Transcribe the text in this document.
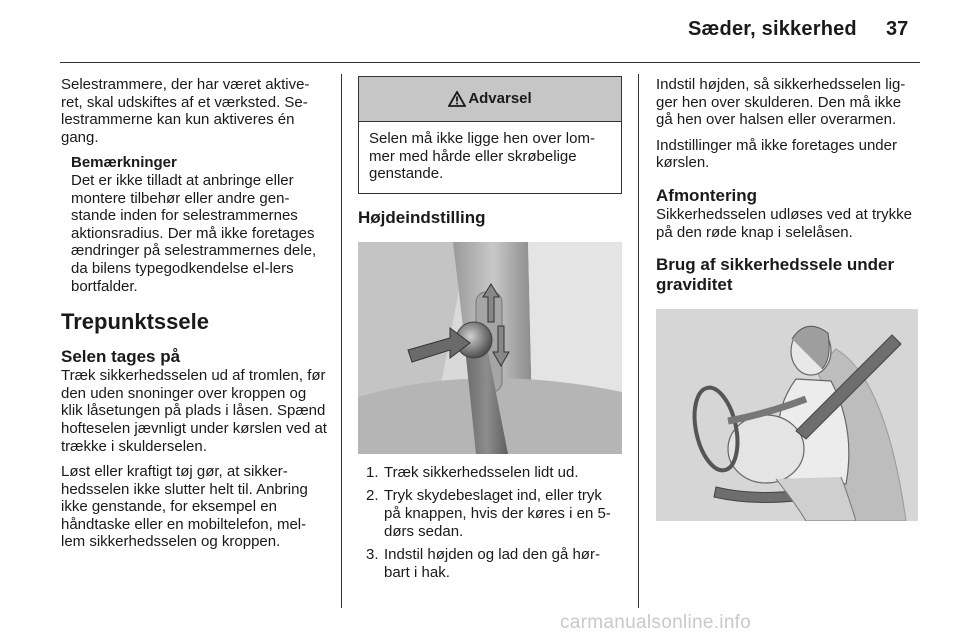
Sæder, sikkerhed 37

Selestrammere, der har været aktive-ret, skal udskiftes af et værksted. Se-lestrammerne kan kun aktiveres én gang.

Bemærkninger
Det er ikke tilladt at anbringe eller montere tilbehør eller andre gen-stande inden for selestrammernes aktionsradius. Der må ikke foretages ændringer på selestrammernes dele, da bilens typegodkendelse el-lers bortfalder.
Trepunktssele
Selen tages på

Træk sikkerhedsselen ud af tromlen, før den uden snoninger over kroppen og klik låsetungen på plads i låsen. Spænd hofteselen jævnligt under kørslen ved at trække i skulderselen.

Løst eller kraftigt tøj gør, at sikker-hedsselen ikke slutter helt til. Anbring ikke genstande, for eksempel en håndtaske eller en mobiltelefon, mel-lem sikkerhedsselen og kroppen.

Advarsel
Selen må ikke ligge hen over lom-mer med hårde eller skrøbelige genstande.
Højdeindstilling
1. Træk sikkerhedsselen lidt ud.
2. Tryk skydebeslaget ind, eller tryk på knappen, hvis der køres i en 5-dørs sedan.
3. Indstil højden og lad den gå hør-bart i hak.

Indstil højden, så sikkerhedsselen lig-ger hen over skulderen. Den må ikke gå hen over halsen eller overarmen.

Indstillinger må ikke foretages under kørslen.

Afmontering

Sikkerhedsselen udløses ved at trykke på den røde knap i selelåsen.

Brug af sikkerhedssele under graviditet
carmanualsonline.info
